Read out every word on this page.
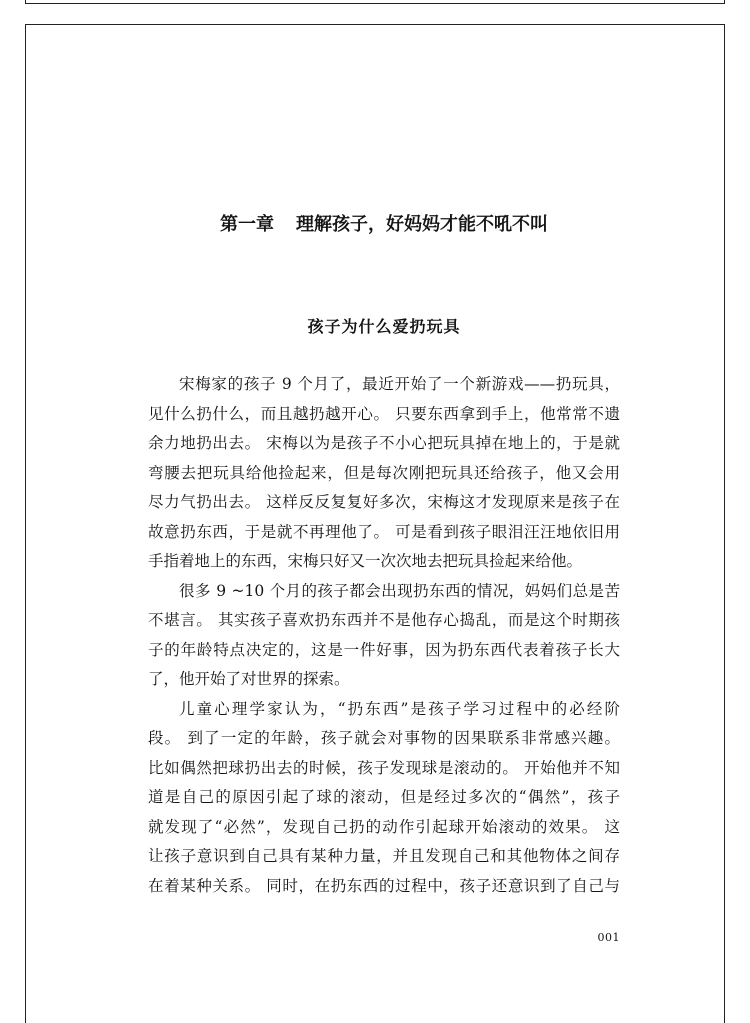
第一章 理解孩子，好妈妈才能不吼不叫
孩子为什么爱扔玩具
宋梅家的孩子 9 个月了，最近开始了一个新游戏——扔玩具，
见什么扔什么，而且越扔越开心。 只要东西拿到手上，他常常不遗
余力地扔出去。 宋梅以为是孩子不小心把玩具掉在地上的，于是就
弯腰去把玩具给他捡起来，但是每次刚把玩具还给孩子，他又会用
尽力气扔出去。 这样反反复复好多次，宋梅这才发现原来是孩子在
故意扔东西，于是就不再理他了。 可是看到孩子眼泪汪汪地依旧用
手指着地上的东西，宋梅只好又一次次地去把玩具捡起来给他。
很多 9 ~10 个月的孩子都会出现扔东西的情况，妈妈们总是苦
不堪言。 其实孩子喜欢扔东西并不是他存心捣乱，而是这个时期孩
子的年龄特点决定的，这是一件好事，因为扔东西代表着孩子长大
了，他开始了对世界的探索。
儿童心理学家认为，“扔东西”是孩子学习过程中的必经阶
段。 到了一定的年龄，孩子就会对事物的因果联系非常感兴趣。
比如偶然把球扔出去的时候，孩子发现球是滚动的。 开始他并不知
道是自己的原因引起了球的滚动，但是经过多次的“偶然”，孩子
就发现了“必然”，发现自己扔的动作引起球开始滚动的效果。 这
让孩子意识到自己具有某种力量，并且发现自己和其他物体之间存
在着某种关系。 同时，在扔东西的过程中，孩子还意识到了自己与
001
